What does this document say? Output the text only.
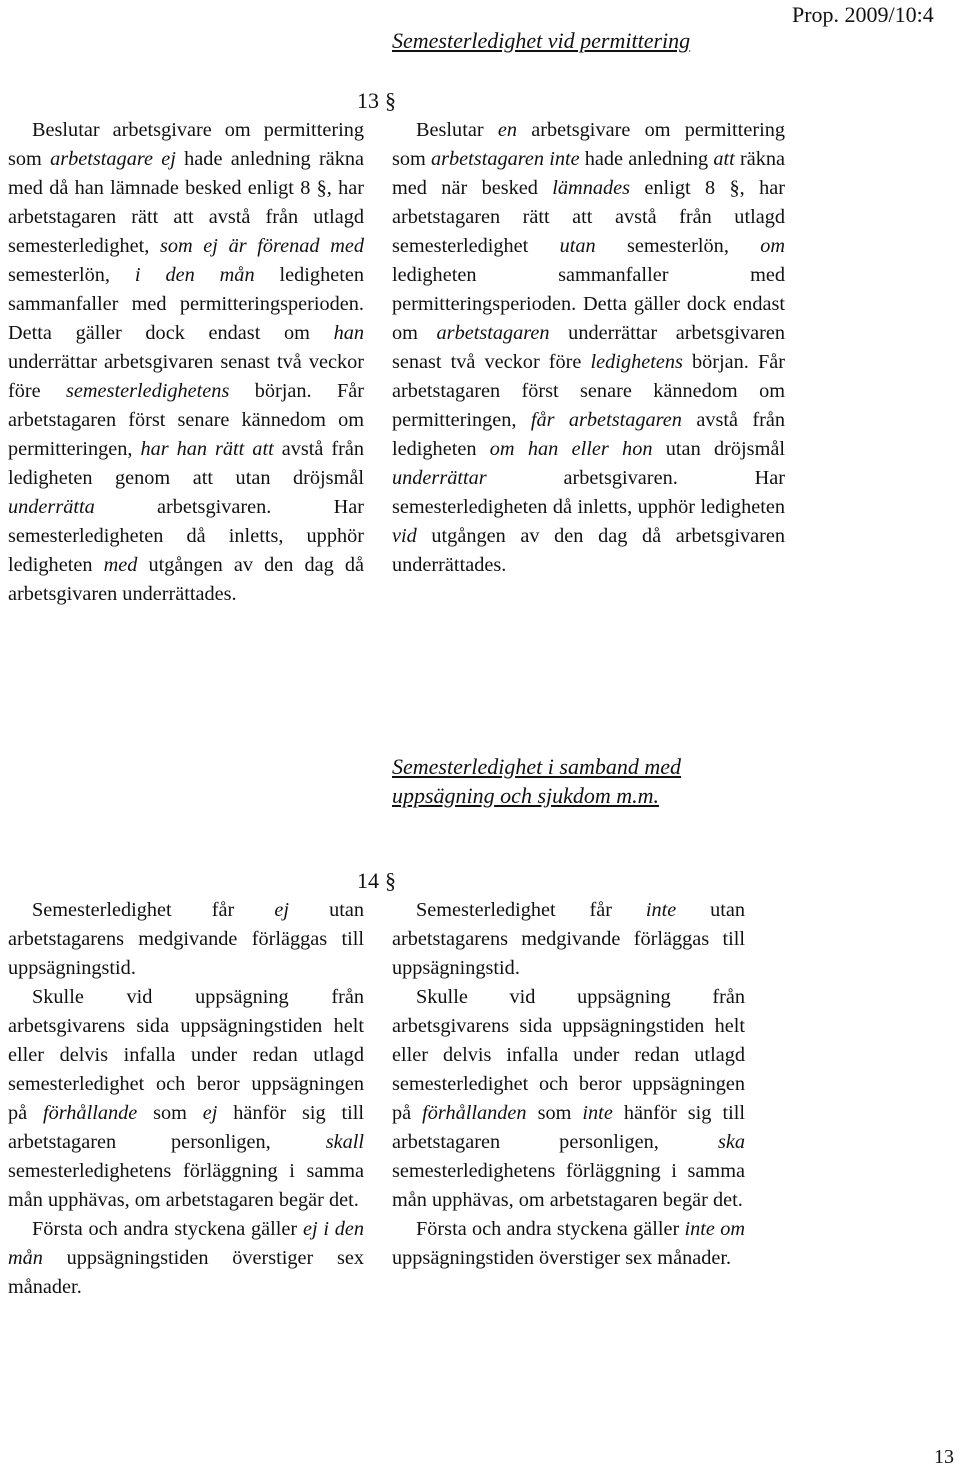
Semesterledighet vid permittering
Prop. 2009/10:4
13 §

Beslutar arbetsgivare om permittering som arbetstagare ej hade anledning räkna med då han lämnade besked enligt 8 §, har arbetstagaren rätt att avstå från utlagd semesterledighet, som ej är förenad med semesterlön, i den mån ledigheten sammanfaller med permitteringsperioden. Detta gäller dock endast om han underrättar arbetsgivaren senast två veckor före semesterledighetens början. Får arbetstagaren först senare kännedom om permitteringen, har han rätt att avstå från ledigheten genom att utan dröjsmål underrätta arbetsgivaren. Har semesterledigheten då inletts, upphör ledigheten med utgången av den dag då arbetsgivaren underrättades.

Beslutar en arbetsgivare om permittering som arbetstagaren inte hade anledning att räkna med när besked lämnades enligt 8 §, har arbetstagaren rätt att avstå från utlagd semesterledighet utan semesterlön, om ledigheten sammanfaller med permitteringsperioden. Detta gäller dock endast om arbetstagaren underrättar arbetsgivaren senast två veckor före ledighetens början. Får arbetstagaren först senare kännedom om permitteringen, får arbetstagaren avstå från ledigheten om han eller hon utan dröjsmål underrättar arbetsgivaren. Har semesterledigheten då inletts, upphör ledigheten vid utgången av den dag då arbetsgivaren underrättades.

Semesterledighet i samband med uppsägning och sjukdom m.m.
14 §

Semesterledighet får ej utan arbetstagarens medgivande förläggas till uppsägningstid.

Skulle vid uppsägning från arbetsgivarens sida uppsägningstiden helt eller delvis infalla under redan utlagd semesterledighet och beror uppsägningen på förhållande som ej hänför sig till arbetstagaren personligen, skall semesterledighetens förläggning i samma mån upphävas, om arbetstagaren begär det.

Första och andra styckena gäller ej i den mån uppsägningstiden överstiger sex månader.

Semesterledighet får inte utan arbetstagarens medgivande förläggas till uppsägningstid.

Skulle vid uppsägning från arbetsgivarens sida uppsägningstiden helt eller delvis infalla under redan utlagd semesterledighet och beror uppsägningen på förhållanden som inte hänför sig till arbetstagaren personligen, ska semesterledighetens förläggning i samma mån upphävas, om arbetstagaren begär det.

Första och andra styckena gäller inte om uppsägningstiden överstiger sex månader.

13
